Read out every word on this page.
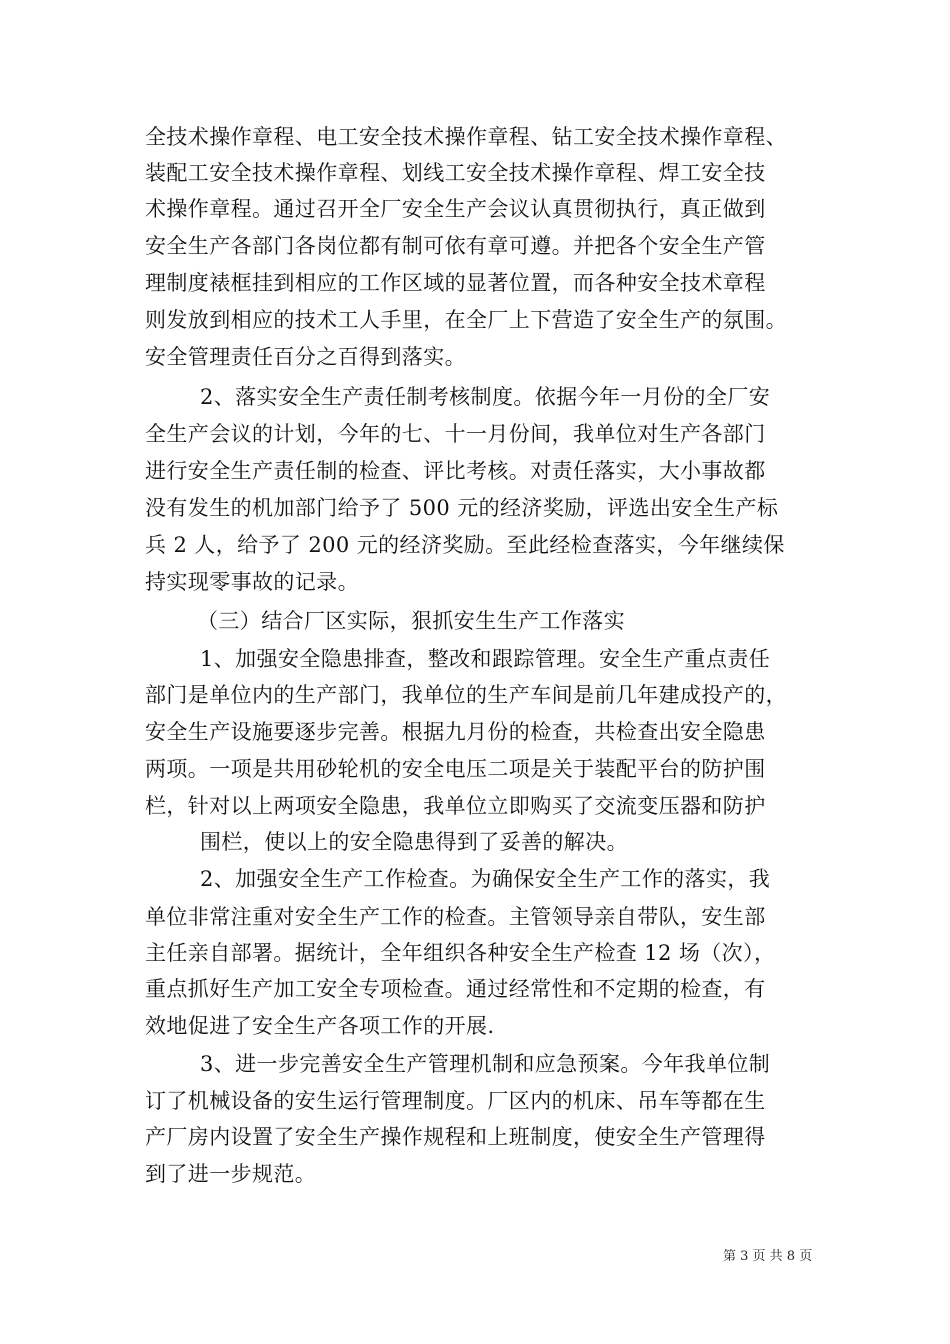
全技术操作章程、电工安全技术操作章程、钻工安全技术操作章程、
装配工安全技术操作章程、划线工安全技术操作章程、焊工安全技
术操作章程。通过召开全厂安全生产会议认真贯彻执行，真正做到
安全生产各部门各岗位都有制可依有章可遵。并把各个安全生产管
理制度裱框挂到相应的工作区域的显著位置，而各种安全技术章程
则发放到相应的技术工人手里，在全厂上下营造了安全生产的氛围。
安全管理责任百分之百得到落实。
2、落实安全生产责任制考核制度。依据今年一月份的全厂安
全生产会议的计划，今年的七、十一月份间，我单位对生产各部门
进行安全生产责任制的检查、评比考核。对责任落实，大小事故都
没有发生的机加部门给予了 500 元的经济奖励，评选出安全生产标
兵 2 人，给予了 200 元的经济奖励。至此经检查落实，今年继续保
持实现零事故的记录。
（三）结合厂区实际，狠抓安生生产工作落实
1、加强安全隐患排查，整改和跟踪管理。安全生产重点责任
部门是单位内的生产部门，我单位的生产车间是前几年建成投产的，
安全生产设施要逐步完善。根据九月份的检查，共检查出安全隐患
两项。一项是共用砂轮机的安全电压二项是关于装配平台的防护围
栏，针对以上两项安全隐患，我单位立即购买了交流变压器和防护
围栏，使以上的安全隐患得到了妥善的解决。
2、加强安全生产工作检查。为确保安全生产工作的落实，我
单位非常注重对安全生产工作的检查。主管领导亲自带队，安生部
主任亲自部署。据统计，全年组织各种安全生产检查 12 场（次），
重点抓好生产加工安全专项检查。通过经常性和不定期的检查，有
效地促进了安全生产各项工作的开展.
3、进一步完善安全生产管理机制和应急预案。今年我单位制
订了机械设备的安生运行管理制度。厂区内的机床、吊车等都在生
产厂房内设置了安全生产操作规程和上班制度，使安全生产管理得
到了进一步规范。
第 3 页 共 8 页
